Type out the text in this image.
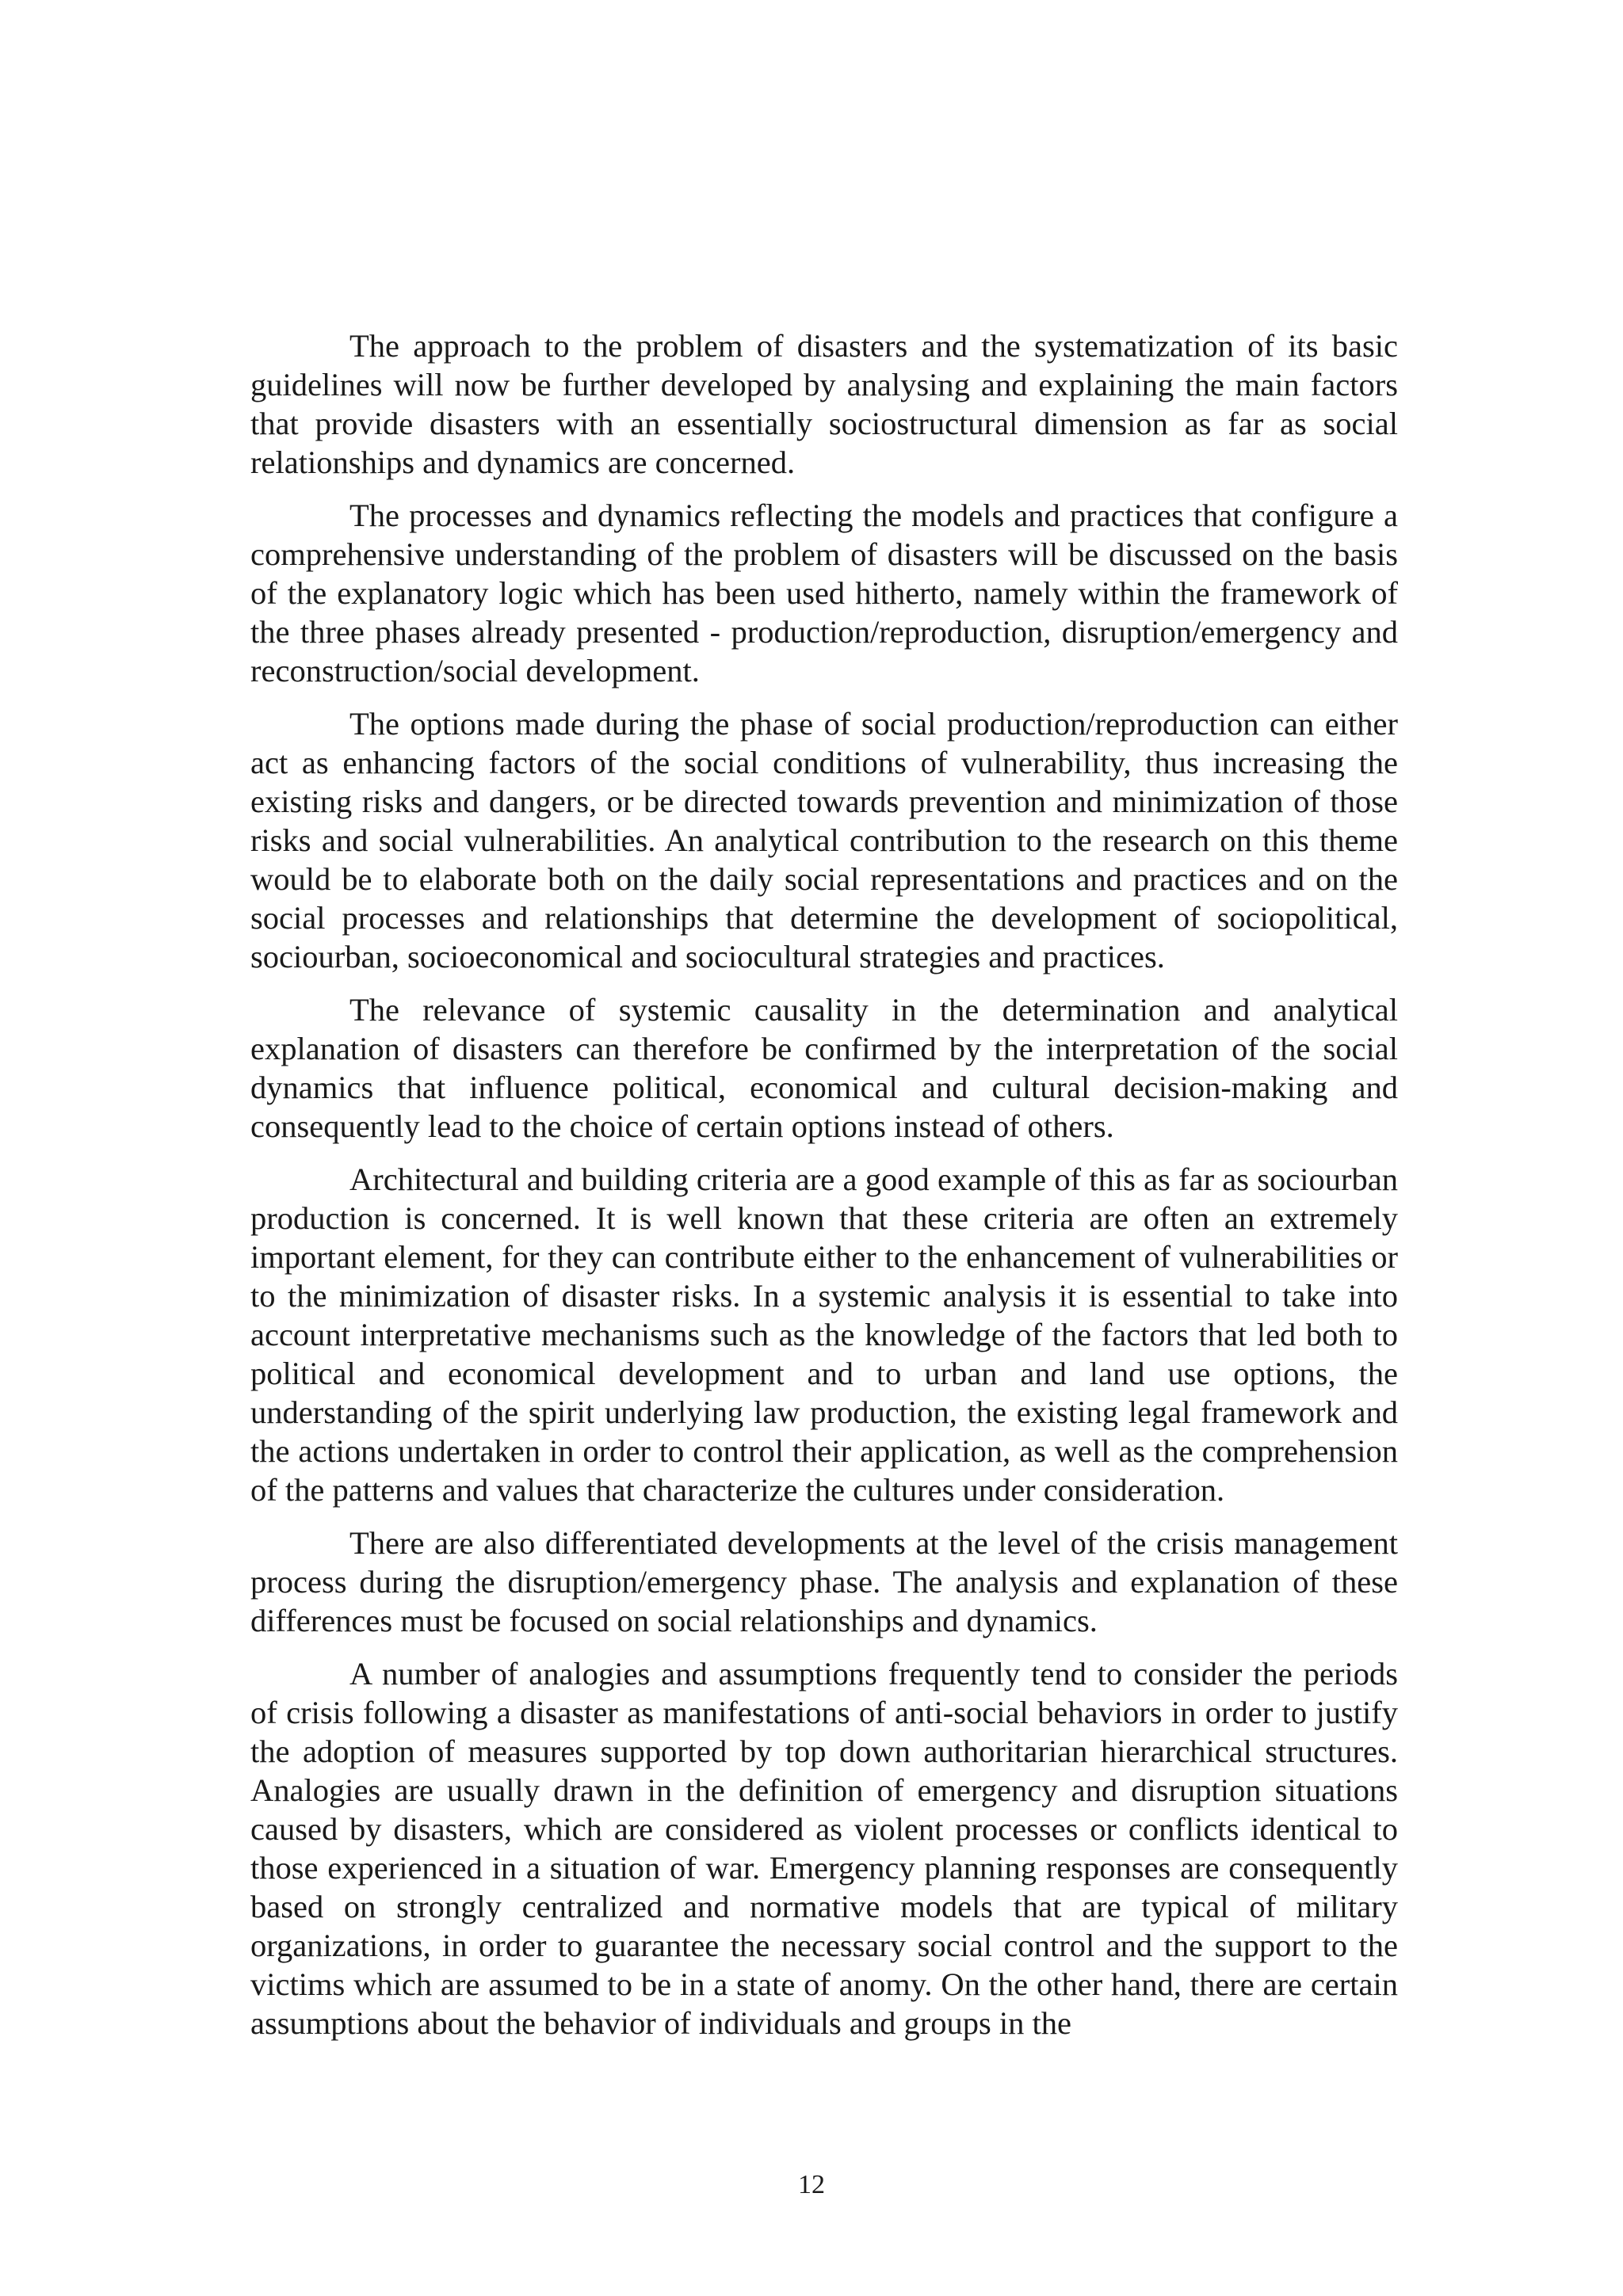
The approach to the problem of disasters and the systematization of its basic guidelines will now be further developed by analysing and explaining the main factors that provide disasters with an essentially sociostructural dimension as far as social relationships and dynamics are concerned.

The processes and dynamics reflecting the models and practices that configure a comprehensive understanding of the problem of disasters will be discussed on the basis of the explanatory logic which has been used hitherto, namely within the framework of the three phases already presented - production/reproduction, disruption/emergency and reconstruction/social development.

The options made during the phase of social production/reproduction can either act as enhancing factors of the social conditions of vulnerability, thus increasing the existing risks and dangers, or be directed towards prevention and minimization of those risks and social vulnerabilities. An analytical contribution to the research on this theme would be to elaborate both on the daily social representations and practices and on the social processes and relationships that determine the development of sociopolitical, sociourban, socioeconomical and sociocultural strategies and practices.

The relevance of systemic causality in the determination and analytical explanation of disasters can therefore be confirmed by the interpretation of the social dynamics that influence political, economical and cultural decision-making and consequently lead to the choice of certain options instead of others.

Architectural and building criteria are a good example of this as far as sociourban production is concerned. It is well known that these criteria are often an extremely important element, for they can contribute either to the enhancement of vulnerabilities or to the minimization of disaster risks. In a systemic analysis it is essential to take into account interpretative mechanisms such as the knowledge of the factors that led both to political and economical development and to urban and land use options, the understanding of the spirit underlying law production, the existing legal framework and the actions undertaken in order to control their application, as well as the comprehension of the patterns and values that characterize the cultures under consideration.

There are also differentiated developments at the level of the crisis management process during the disruption/emergency phase. The analysis and explanation of these differences must be focused on social relationships and dynamics.

A number of analogies and assumptions frequently tend to consider the periods of crisis following a disaster as manifestations of anti-social behaviors in order to justify the adoption of measures supported by top down authoritarian hierarchical structures. Analogies are usually drawn in the definition of emergency and disruption situations caused by disasters, which are considered as violent processes or conflicts identical to those experienced in a situation of war. Emergency planning responses are consequently based on strongly centralized and normative models that are typical of military organizations, in order to guarantee the necessary social control and the support to the victims which are assumed to be in a state of anomy. On the other hand, there are certain assumptions about the behavior of individuals and groups in the

12
